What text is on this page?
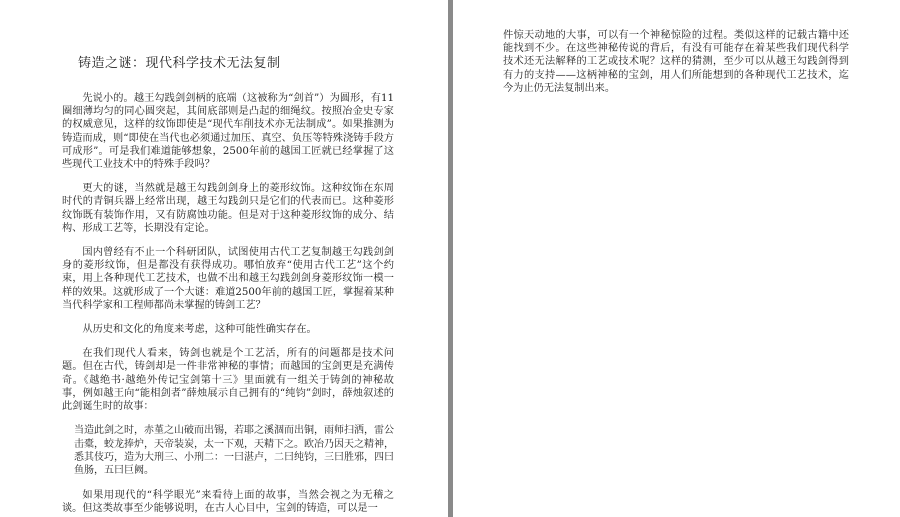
铸造之谜：现代科学技术无法复制

先说小的。越王勾践剑剑柄的底端（这被称为“剑首”）为圆形，有11圈细薄均匀的同心圆突起，其间底部则是凸起的细绳纹。按照冶金史专家的权威意见，这样的纹饰即使是“现代车削技术亦无法制成”。如果推测为铸造而成，则“即使在当代也必须通过加压、真空、负压等特殊浇铸手段方可成形”。可是我们难道能够想象，2500年前的越国工匠就已经掌握了这些现代工业技术中的特殊手段吗？

更大的谜，当然就是越王勾践剑剑身上的菱形纹饰。这种纹饰在东周时代的青铜兵器上经常出现，越王勾践剑只是它们的代表而已。这种菱形纹饰既有装饰作用，又有防腐蚀功能。但是对于这种菱形纹饰的成分、结构、形成工艺等，长期没有定论。

国内曾经有不止一个科研团队，试图使用古代工艺复制越王勾践剑剑身的菱形纹饰，但是都没有获得成功。哪怕放弃“使用古代工艺”这个约束，用上各种现代工艺技术，也做不出和越王勾践剑剑身菱形纹饰一模一样的效果。这就形成了一个大谜：难道2500年前的越国工匠，掌握着某种当代科学家和工程师都尚未掌握的铸剑工艺？

从历史和文化的角度来考虑，这种可能性确实存在。

在我们现代人看来，铸剑也就是个工艺活，所有的问题都是技术问题。但在古代，铸剑却是一件非常神秘的事情；而越国的宝剑更是充满传奇。《越绝书·越绝外传记宝剑第十三》里面就有一组关于铸剑的神秘故事，例如越王向“能相剑者”薛烛展示自己拥有的“纯钧”剑时，薛烛叙述的此剑诞生时的故事：

当造此剑之时，赤堇之山破而出锡，若耶之溪涸而出铜，雨师扫洒，雷公击橐，蛟龙捧炉，天帝装炭，太一下观，天精下之。欧冶乃因天之精神，悉其伎巧，造为大刑三、小刑二：一曰湛卢，二曰纯钧，三曰胜邪，四曰鱼肠，五曰巨阙。

如果用现代的“科学眼光”来看待上面的故事，当然会视之为无稽之谈。但这类故事至少能够说明，在古人心目中，宝剑的铸造，可以是一

件惊天动地的大事，可以有一个神秘惊险的过程。类似这样的记载古籍中还能找到不少。在这些神秘传说的背后，有没有可能存在着某些我们现代科学技术还无法解释的工艺或技术呢？这样的猜测，至少可以从越王勾践剑得到有力的支持——这柄神秘的宝剑，用人们所能想到的各种现代工艺技术，迄今为止仍无法复制出来。
